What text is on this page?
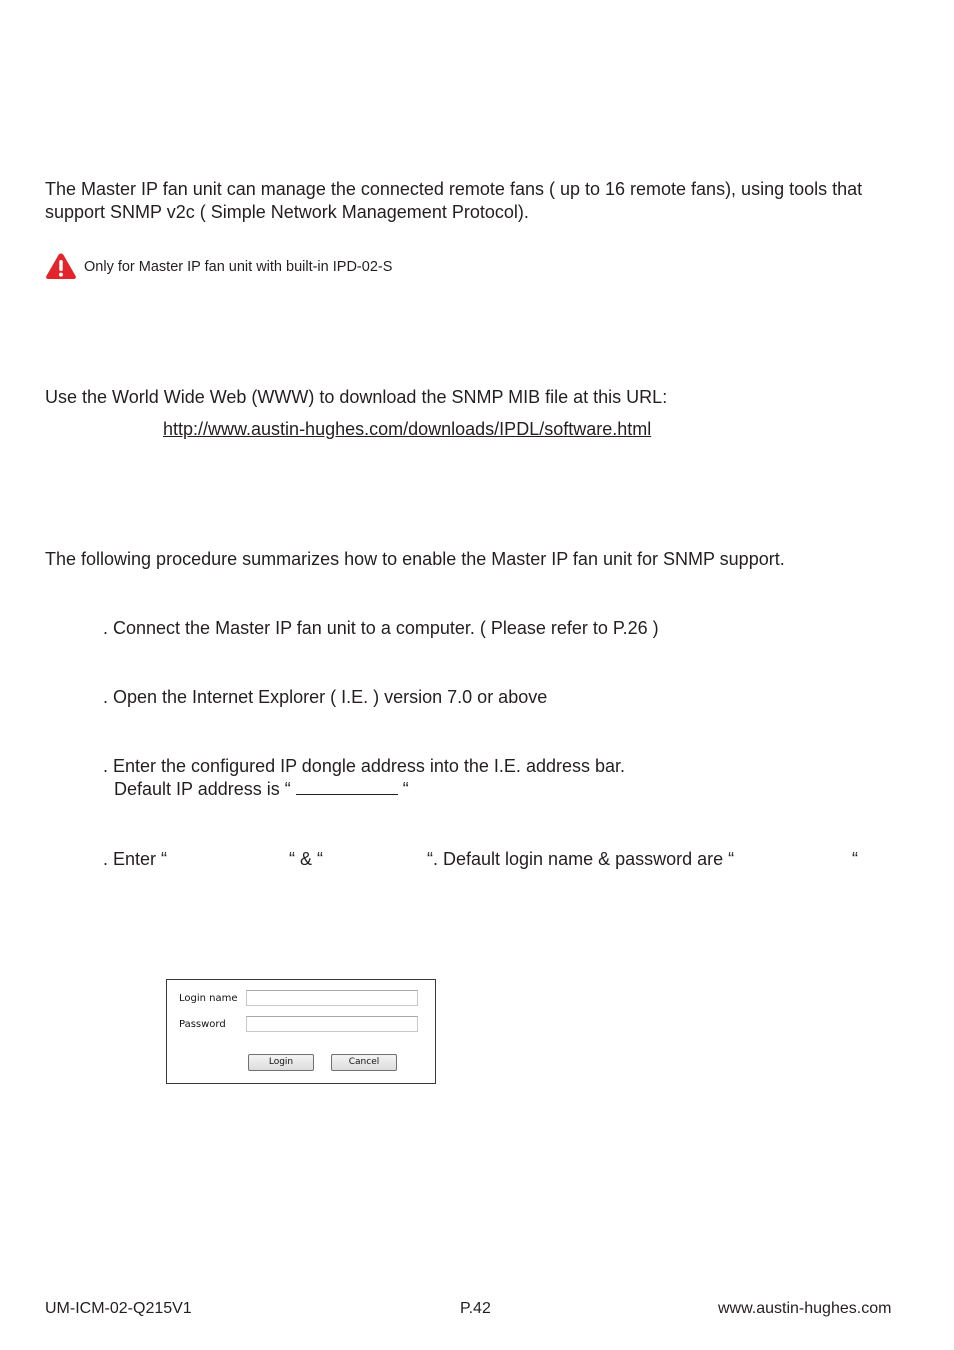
The Master IP fan unit can manage the connected remote fans ( up to 16 remote fans), using tools that
support SNMP v2c ( Simple Network Management Protocol).
Only for Master IP fan unit with built-in IPD-02-S
Use the World Wide Web (WWW) to download the SNMP MIB file at this URL:
http://www.austin-hughes.com/downloads/IPDL/software.html
The following procedure summarizes how to enable the Master IP fan unit for SNMP support.
. Connect the Master IP fan unit to a computer. ( Please refer to P.26 )
. Open the Internet Explorer ( I.E. ) version 7.0 or above
. Enter the configured IP dongle address into the I.E. address bar.
Default IP address is “	“
. Enter “	“ & “	“. Default login name & password are “	“
Login name
Password
Login	Cancel
UM-ICM-02-Q215V1	P.42	www.austin-hughes.com
